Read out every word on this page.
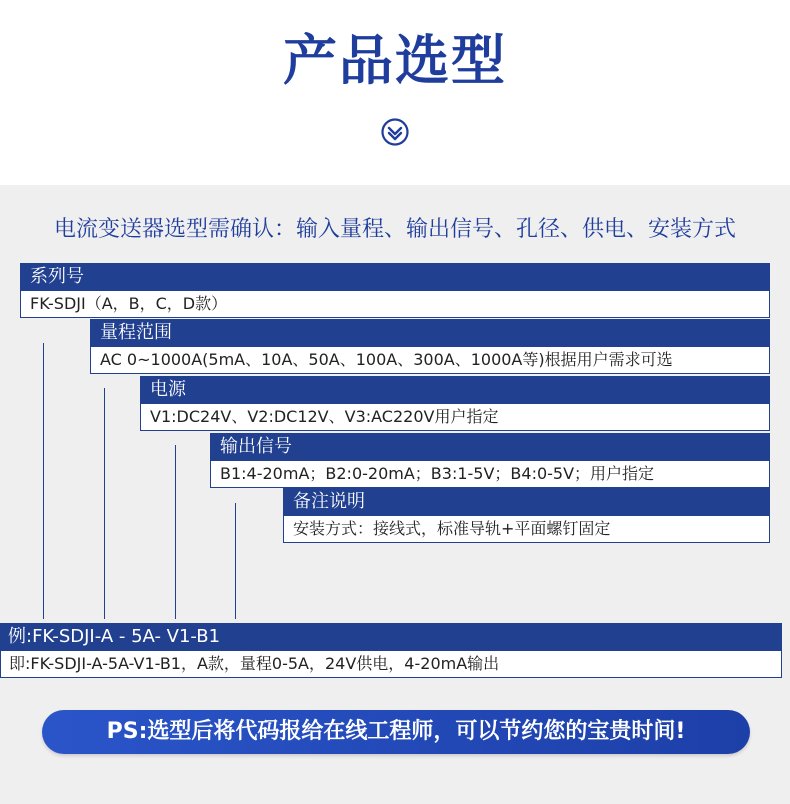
产品选型
电流变送器选型需确认：输入量程、输出信号、孔径、供电、安装方式
系列号
FK-SDJI（A，B，C，D款）
量程范围
AC 0~1000A(5mA、10A、50A、100A、300A、1000A等)根据用户需求可选
电源
V1:DC24V、V2:DC12V、V3:AC220V用户指定
输出信号
B1:4-20mA；B2:0-20mA；B3:1-5V；B4:0-5V；用户指定
备注说明
安装方式：接线式，标准导轨+平面螺钉固定
例:FK-SDJI-A - 5A- V1-B1
即:FK-SDJI-A-5A-V1-B1，A款，量程0-5A，24V供电，4-20mA输出
PS:选型后将代码报给在线工程师，可以节约您的宝贵时间!
